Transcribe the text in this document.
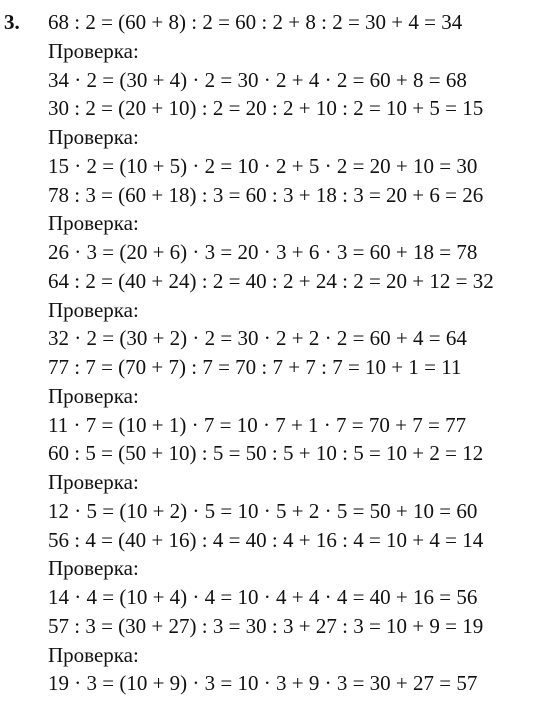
3. 68 : 2 = (60 + 8) : 2 = 60 : 2 + 8 : 2 = 30 + 4 = 34
Проверка:
34 · 2 = (30 + 4) · 2 = 30 · 2 + 4 · 2 = 60 + 8 = 68
30 : 2 = (20 + 10) : 2 = 20 : 2 + 10 : 2 = 10 + 5 = 15
Проверка:
15 · 2 = (10 + 5) · 2 = 10 · 2 + 5 · 2 = 20 + 10 = 30
78 : 3 = (60 + 18) : 3 = 60 : 3 + 18 : 3 = 20 + 6 = 26
Проверка:
26 · 3 = (20 + 6) · 3 = 20 · 3 + 6 · 3 = 60 + 18 = 78
64 : 2 = (40 + 24) : 2 = 40 : 2 + 24 : 2 = 20 + 12 = 32
Проверка:
32 · 2 = (30 + 2) · 2 = 30 · 2 + 2 · 2 = 60 + 4 = 64
77 : 7 = (70 + 7) : 7 = 70 : 7 + 7 : 7 = 10 + 1 = 11
Проверка:
11 · 7 = (10 + 1) · 7 = 10 · 7 + 1 · 7 = 70 + 7 = 77
60 : 5 = (50 + 10) : 5 = 50 : 5 + 10 : 5 = 10 + 2 = 12
Проверка:
12 · 5 = (10 + 2) · 5 = 10 · 5 + 2 · 5 = 50 + 10 = 60
56 : 4 = (40 + 16) : 4 = 40 : 4 + 16 : 4 = 10 + 4 = 14
Проверка:
14 · 4 = (10 + 4) · 4 = 10 · 4 + 4 · 4 = 40 + 16 = 56
57 : 3 = (30 + 27) : 3 = 30 : 3 + 27 : 3 = 10 + 9 = 19
Проверка:
19 · 3 = (10 + 9) · 3 = 10 · 3 + 9 · 3 = 30 + 27 = 57
